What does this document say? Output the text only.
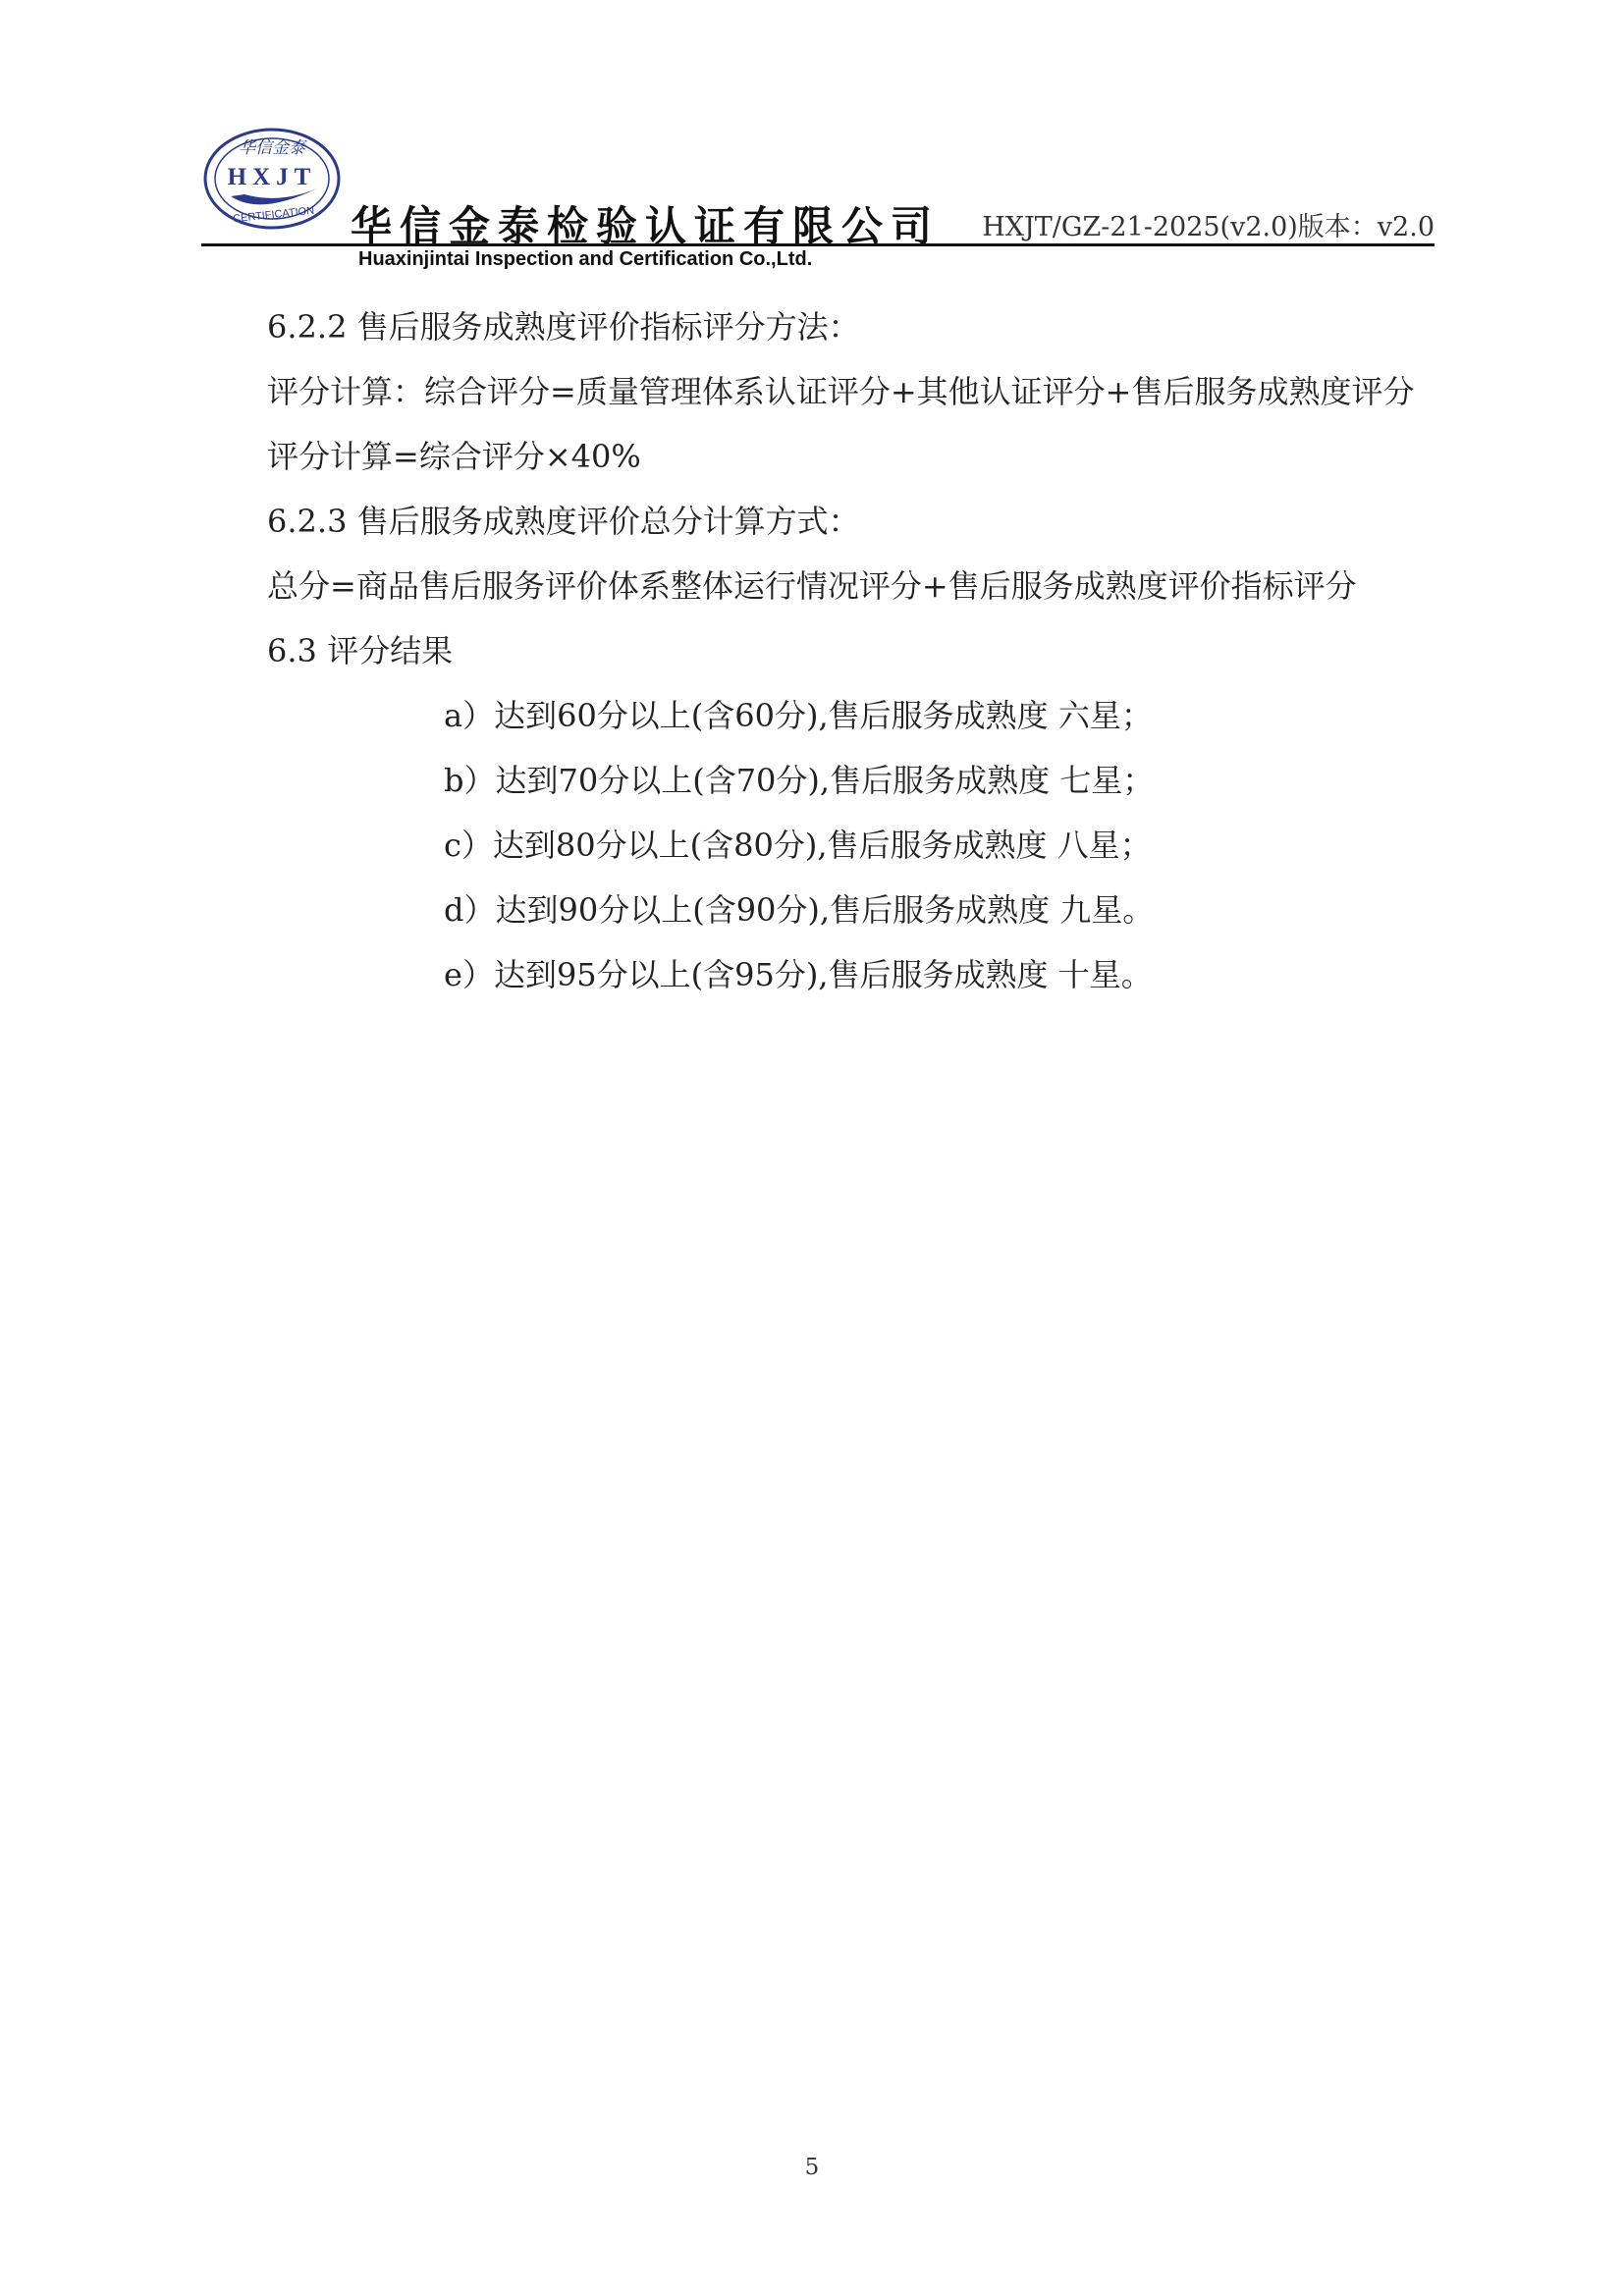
华信金泰
HXJT
CERTIFICATION 华信金泰检验认证有限公司 HXJT/GZ-21-2025(v2.0)版本：v2.0
Huaxinjintai Inspection and Certification Co.,Ltd.
6.2.2 售后服务成熟度评价指标评分方法：
评分计算：综合评分=质量管理体系认证评分+其他认证评分+售后服务成熟度评分
评分计算=综合评分×40%
6.2.3 售后服务成熟度评价总分计算方式：
总分=商品售后服务评价体系整体运行情况评分+售后服务成熟度评价指标评分
6.3 评分结果
a）达到60分以上(含60分),售后服务成熟度 六星；
b）达到70分以上(含70分),售后服务成熟度 七星；
c）达到80分以上(含80分),售后服务成熟度 八星；
d）达到90分以上(含90分),售后服务成熟度 九星。
e）达到95分以上(含95分),售后服务成熟度 十星。
5
